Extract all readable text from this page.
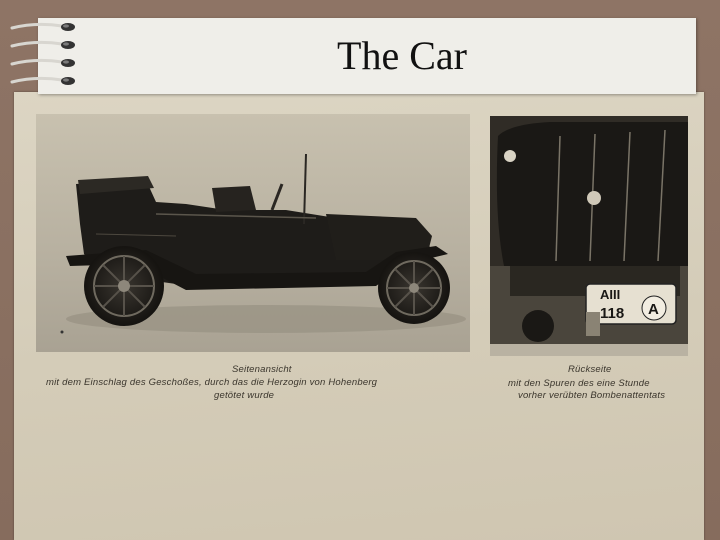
AIII
118 A
Seitenansicht
mit dem Einschlag des Geschoßes, durch das die Herzogin von Hohenberg
getötet wurde
Rückseite
mit den Spuren des eine Stunde
vorher verübten Bombenattentats
The Car
